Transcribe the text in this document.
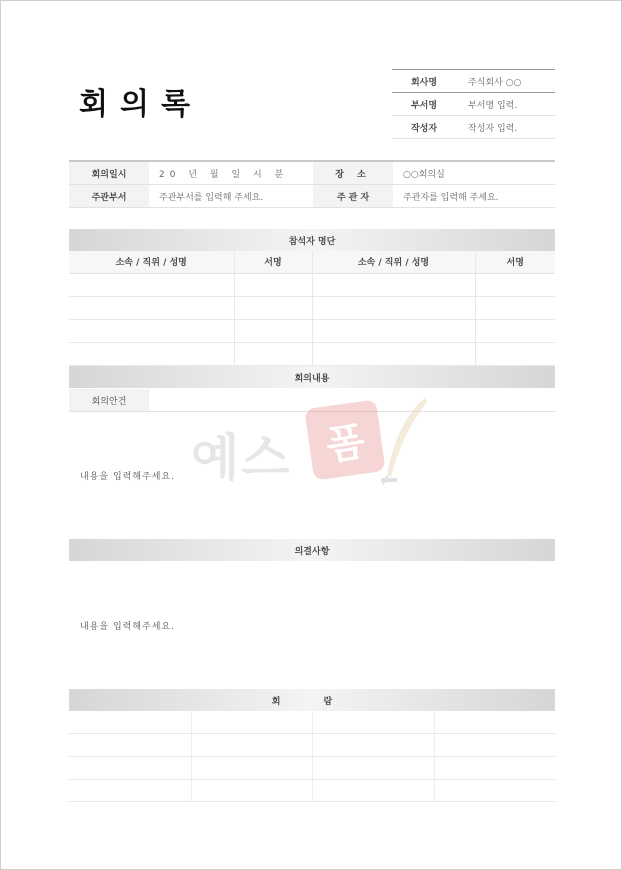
회의록
회사명	주식회사 ○○
부서명	부서명 입력.
작성자	작성자 입력.
회의일시	20 년 월 일 시 분	장 소	○○회의실
주관부서	주관부서를 입력해 주세요.	주 관 자	주관자를 입력해 주세요.
참석자 명단
소속 / 직위 / 성명	서명	소속 / 직위 / 성명	서명

회의내용
회의안건
예스 폼
내용을 입력해주세요.
의결사항
내용을 입력해주세요.
회 람
